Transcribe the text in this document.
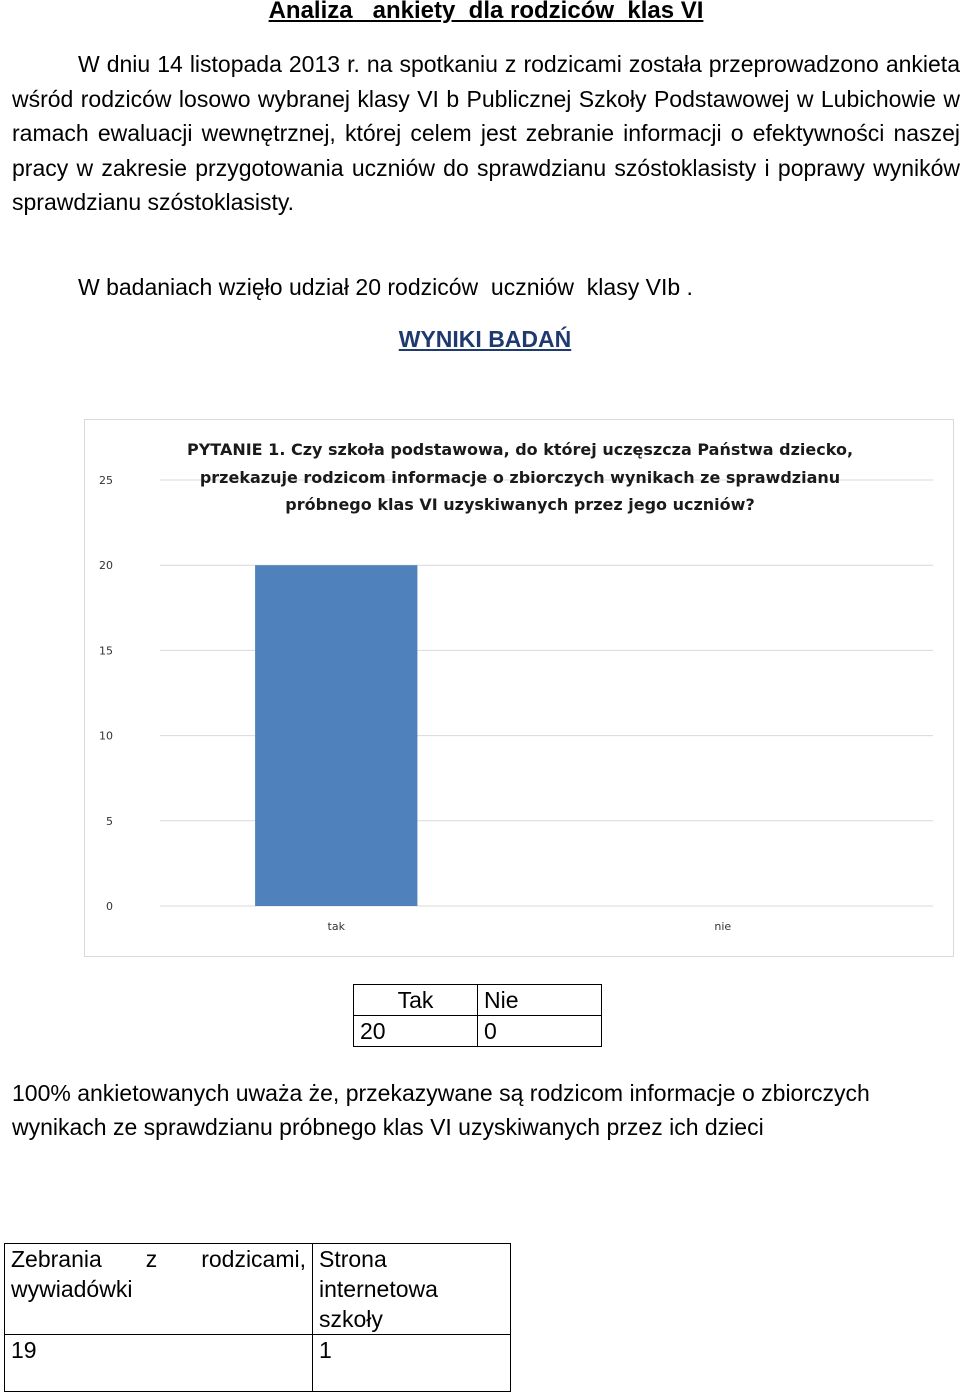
Analiza   ankiety  dla rodziców  klas VI
W dniu 14 listopada 2013 r. na spotkaniu z rodzicami została przeprowadzono ankieta wśród rodziców losowo wybranej klasy VI b Publicznej Szkoły Podstawowej w Lubichowie w ramach ewaluacji wewnętrznej, której celem jest zebranie informacji o efektywności naszej pracy w zakresie przygotowania uczniów do sprawdzianu szóstoklasisty i poprawy wyników sprawdzianu szóstoklasisty.
W badaniach wzięło udział 20 rodziców  uczniów  klasy VIb .
WYNIKI BADAŃ
0
5
10
15
20
25
tak	nie
PYTANIE 1. Czy szkoła podstawowa, do której uczęszcza Państwa dziecko, przekazuje rodzicom informacje o zbiorczych wynikach ze sprawdzianu próbnego klas VI uzyskiwanych przez jego uczniów?
Tak	Nie
20	0
100% ankietowanych uważa że, przekazywane są rodzicom informacje o zbiorczych wynikach ze sprawdzianu próbnego klas VI uzyskiwanych przez ich dzieci
Zebrania z rodzicami, wywiadówki	Strona internetowa szkoły
19	1
